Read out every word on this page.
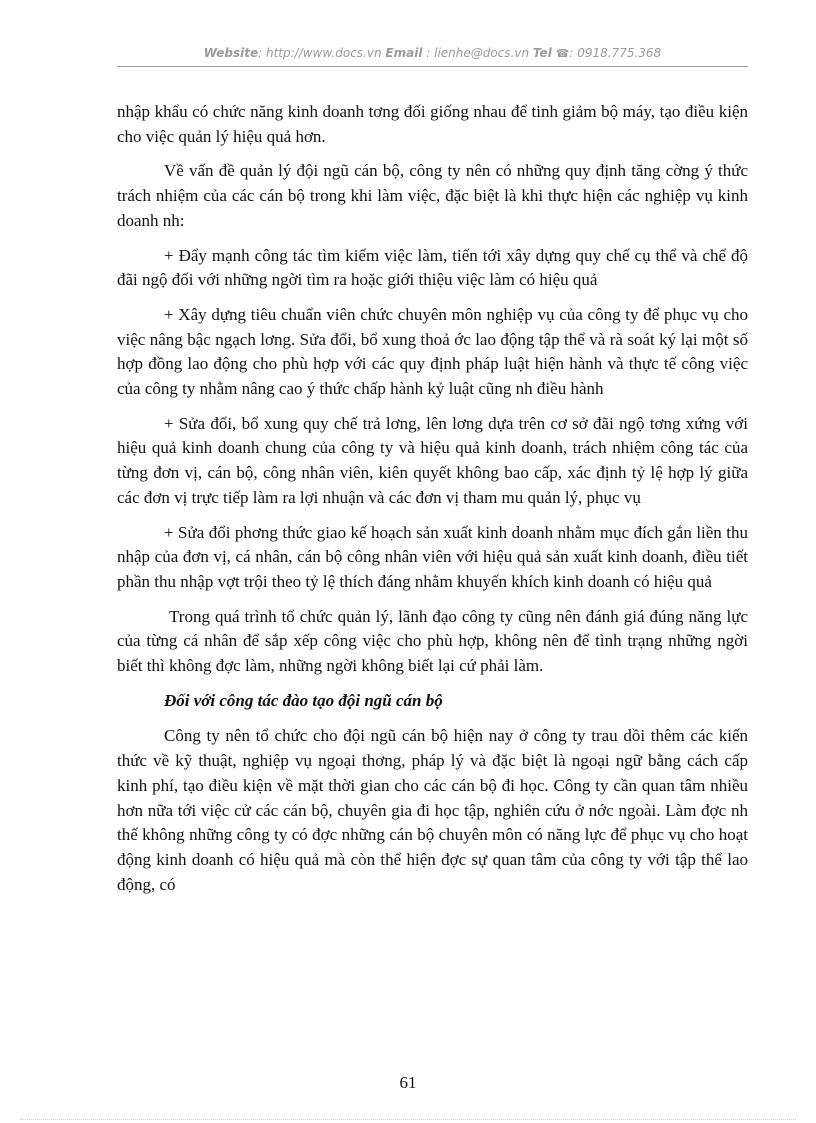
Website: http://www.docs.vn Email : lienhe@docs.vn Tel ☎: 0918.775.368

nhập khẩu có chức năng kinh doanh tơng đối giống nhau để tinh giảm bộ máy, tạo điều kiện cho việc quản lý hiệu quả hơn.

Về vấn đề quản lý đội ngũ cán bộ, công ty nên có những quy định tăng cờng ý thức trách nhiệm của các cán bộ trong khi làm việc, đặc biệt là khi thực hiện các nghiệp vụ kinh doanh nh:

+ Đẩy mạnh công tác tìm kiếm việc làm, tiến tới xây dựng quy chế cụ thể và chế độ đãi ngộ đối với những ngời tìm ra hoặc giới thiệu việc làm có hiệu quả

+ Xây dựng tiêu chuẩn viên chức chuyên môn nghiệp vụ của công ty để phục vụ cho việc nâng bậc ngạch lơng. Sửa đổi, bổ xung thoả ớc lao động tập thể và rà soát ký lại một số hợp đồng lao động cho phù hợp với các quy định pháp luật hiện hành và thực tế công việc của công ty nhằm nâng cao ý thức chấp hành kỷ luật cũng nh điều hành

+ Sửa đổi, bổ xung quy chế trả lơng, lên lơng dựa trên cơ sở đãi ngộ tơng xứng với hiệu quả kinh doanh chung của công ty và hiệu quả kinh doanh, trách nhiệm công tác của từng đơn vị, cán bộ, công nhân viên, kiên quyết không bao cấp, xác định tỷ lệ hợp lý giữa các đơn vị trực tiếp làm ra lợi nhuận và các đơn vị tham mu quản lý, phục vụ

+ Sửa đổi phơng thức giao kế hoạch sản xuất kinh doanh nhằm mục đích gắn liền thu nhập của đơn vị, cá nhân, cán bộ công nhân viên với hiệu quả sản xuất kinh doanh, điều tiết phần thu nhập vợt trội theo tỷ lệ thích đáng nhằm khuyến khích kinh doanh có hiệu quả

Trong quá trình tổ chức quản lý, lãnh đạo công ty cũng nên đánh giá đúng năng lực của từng cá nhân để sắp xếp công việc cho phù hợp, không nên để tình trạng những ngời biết thì không đợc làm, những ngời không biết lại cứ phải làm.

Đối với công tác đào tạo đội ngũ cán bộ

Công ty nên tổ chức cho đội ngũ cán bộ hiện nay ở công ty trau dồi thêm các kiến thức về kỹ thuật, nghiệp vụ ngoại thơng, pháp lý và đặc biệt là ngoại ngữ bằng cách cấp kinh phí, tạo điều kiện về mặt thời gian cho các cán bộ đi học. Công ty cần quan tâm nhiều hơn nữa tới việc cử các cán bộ, chuyên gia đi học tập, nghiên cứu ở nớc ngoài. Làm đợc nh thế không những công ty có đợc những cán bộ chuyên môn có năng lực để phục vụ cho hoạt động kinh doanh có hiệu quả mà còn thể hiện đợc sự quan tâm của công ty với tập thể lao động, có

61
